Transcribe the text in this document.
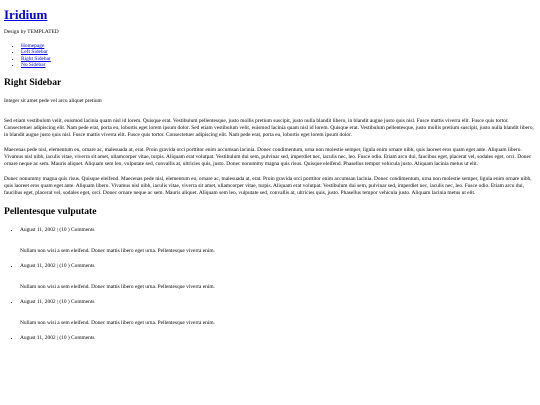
Iridium
Design by TEMPLATED
• Homepage
• Left Sidebar
• Right Sidebar
• No Sidebar
Right Sidebar

Integer sit amet pede vel arcu aliquet pretium

Sed etiam vestibulum velit, euismod lacinia quam nisl id lorem. Quisque erat. Vestibulum pellentesque, justo mollis pretium suscipit, justo nulla blandit libero, in blandit augue justo quis nisl. Fusce mattis viverra elit. Fusce quis tortor. Consectetuer adipiscing elit. Nam pede erat, porta eu, lobortis eget lorem ipsum dolor. Sed etiam vestibulum velit, euismod lacinia quam nisl id lorem. Quisque erat. Vestibulum pellentesque, justo mollis pretium suscipit, justo nulla blandit libero, in blandit augue justo quis nisl. Fusce mattis viverra elit. Fusce quis tortor. Consectetuer adipiscing elit. Nam pede erat, porta eu, lobortis eget lorem ipsum dolor.

Maecenas pede nisl, elementum eu, ornare ac, malesuada at, erat. Proin gravida orci porttitor enim accumsan lacinia. Donec condimentum, urna non molestie semper, ligula enim ornare nibh, quis laoreet eros quam eget ante. Aliquam libero. Vivamus nisl nibh, iaculis vitae, viverra sit amet, ullamcorper vitae, turpis. Aliquam erat volutpat. Vestibulum dui sem, pulvinar sed, imperdiet nec, iaculis nec, leo. Fusce odio. Etiam arcu dui, faucibus eget, placerat vel, sodales eget, orci. Donec ornare neque ac sem. Mauris aliquet. Aliquam sem leo, vulputate sed, convallis at, ultricies quis, justo. Donec nonummy magna quis risus. Quisque eleifend. Phasellus tempor vehicula justo. Aliquam lacinia metus ut elit.

Donec nonummy magna quis risus. Quisque eleifend. Maecenas pede nisl, elementum eu, ornare ac, malesuada at, erat. Proin gravida orci porttitor enim accumsan lacinia. Donec condimentum, urna non molestie semper, ligula enim ornare nibh, quis laoreet eros quam eget ante. Aliquam libero. Vivamus nisl nibh, iaculis vitae, viverra sit amet, ullamcorper vitae, turpis. Aliquam erat volutpat. Vestibulum dui sem, pulvinar sed, imperdiet nec, iaculis nec, leo. Fusce odio. Etiam arcu dui, faucibus eget, placerat vel, sodales eget, orci. Donec ornare neque ac sem. Mauris aliquet. Aliquam sem leo, vulputate sed, convallis at, ultricies quis, justo. Phasellus tempor vehicula justo. Aliquam lacinia metus ut elit.

Pellentesque vulputate
• August 11, 2002 | (10 ) Comments

Nullam non wisi a sem eleifend. Donec mattis libero eget urna. Pellentesque viverra enim.

• August 11, 2002 | (10 ) Comments

Nullam non wisi a sem eleifend. Donec mattis libero eget urna. Pellentesque viverra enim.

• August 11, 2002 | (10 ) Comments

Nullam non wisi a sem eleifend. Donec mattis libero eget urna. Pellentesque viverra enim.

• August 11, 2002 | (10 ) Comments
